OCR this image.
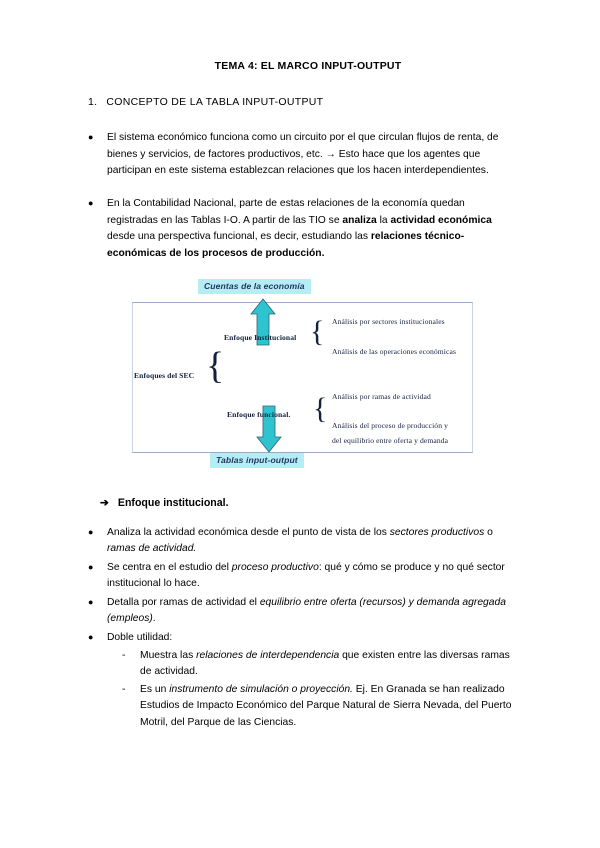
TEMA 4: EL MARCO INPUT-OUTPUT
1. CONCEPTO DE LA TABLA INPUT-OUTPUT
●	El sistema económico funciona como un circuito por el que circulan flujos de renta, de bienes y servicios, de factores productivos, etc. → Esto hace que los agentes que participan en este sistema establezcan relaciones que los hacen interdependientes.
●	En la Contabilidad Nacional, parte de estas relaciones de la economía quedan registradas en las Tablas I-O. A partir de las TIO se analiza la actividad económica desde una perspectiva funcional, es decir, estudiando las relaciones técnico-económicas de los procesos de producción.
Cuentas de la economía
Enfoques del SEC {
Enfoque Institucional
Enfoque funcional.
{
{
Análisis por sectores institucionales
Análisis de las operaciones económicas
Análisis por ramas de actividad
Análisis del proceso de producción y
del equilibrio entre oferta y demanda
Tablas input-output
➔ Enfoque institucional.
●	Analiza la actividad económica desde el punto de vista de los sectores productivos o ramas de actividad.
●	Se centra en el estudio del proceso productivo: qué y cómo se produce y no qué sector institucional lo hace.
●	Detalla por ramas de actividad el equilibrio entre oferta (recursos) y demanda agregada (empleos).
●	Doble utilidad:
-	Muestra las relaciones de interdependencia que existen entre las diversas ramas de actividad.
-	Es un instrumento de simulación o proyección. Ej. En Granada se han realizado Estudios de Impacto Económico del Parque Natural de Sierra Nevada, del Puerto Motril, del Parque de las Ciencias.
